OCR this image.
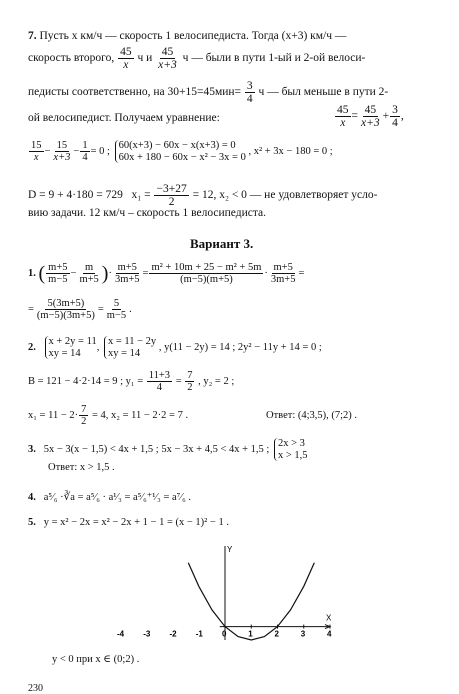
7. Пусть x км/ч — скорость 1 велосипедиста. Тогда (x+3) км/ч —
скорость второго, $\frac{45}{x}$ ч и $\frac{45}{x+3}$ ч — были в пути 1-ый и 2-ой велоси-
педисты соответственно, на $30+15=45мин= \frac{3}{4}$ ч — был меньше в пути 2-
ой велосипедист. Получаем уравнение:	$\frac{45}{x} = \frac{45}{x+3} + \frac{3}{4}$ ,
$\frac{15}{x} - \frac{15}{x+3} - \frac{1}{4} = 0$ ;
60(x+3) − 60x − x(x+3) = 0
60x + 180 − 60x − x² − 3x = 0
, x² + 3x − 180 = 0 ;
D = 9 + 4·180 = 729 $x_1 = \frac{-3+27}{2} = 12$, x₂ < 0 — не удовлетворяет усло-
вию задачи. 12 км/ч – скорость 1 велосипедиста.
Вариант 3.
1. ( $\frac{m+5}{m-5} - \frac{m}{m+5}$ )· $\frac{m+5}{3m+5} = \frac{\text{m² + 10m + 25 − m² + 5m}}{(m-5)(m+5)} \cdot \frac{m+5}{3m+5}$ =
= $\frac{5(3m+5)}{(m-5)(3m+5)} = \frac{5}{m-5}$ .
2.
x + 2y = 11
xy = 14
,
x = 11 − 2y
xy = 14
, y(11 − 2y) = 14 ; 2y² − 11y + 14 = 0 ;
B = 121 − 4·2·14 = 9 ; $y_1 = \frac{11+3}{4} = \frac{7}{2}$ , y₂ = 2 ;
$x_1 = 11 - 2\cdot \frac{7}{2} = 4$, x₂ = 11 − 2·2 = 7 .	Ответ: (4;3,5), (7;2) .
3. 5x − 3(x − 1,5) < 4x + 1,5 ; 5x − 3x + 4,5 < 4x + 1,5 ;
2x > 3
x > 1,5
Ответ: x > 1,5 .
4. a⁵⁄₆ ·∛a = a⁵⁄₆ · a¹⁄₃ = a⁵⁄₆⁺¹⁄₃ = a⁷⁄₆ .
5. y = x² − 2x = x² − 2x + 1 − 1 = (x − 1)² − 1 .
Y
X
-4 -3 -2 -1 0	1	2	3	4
y < 0 при x ∈ (0;2) .
230
